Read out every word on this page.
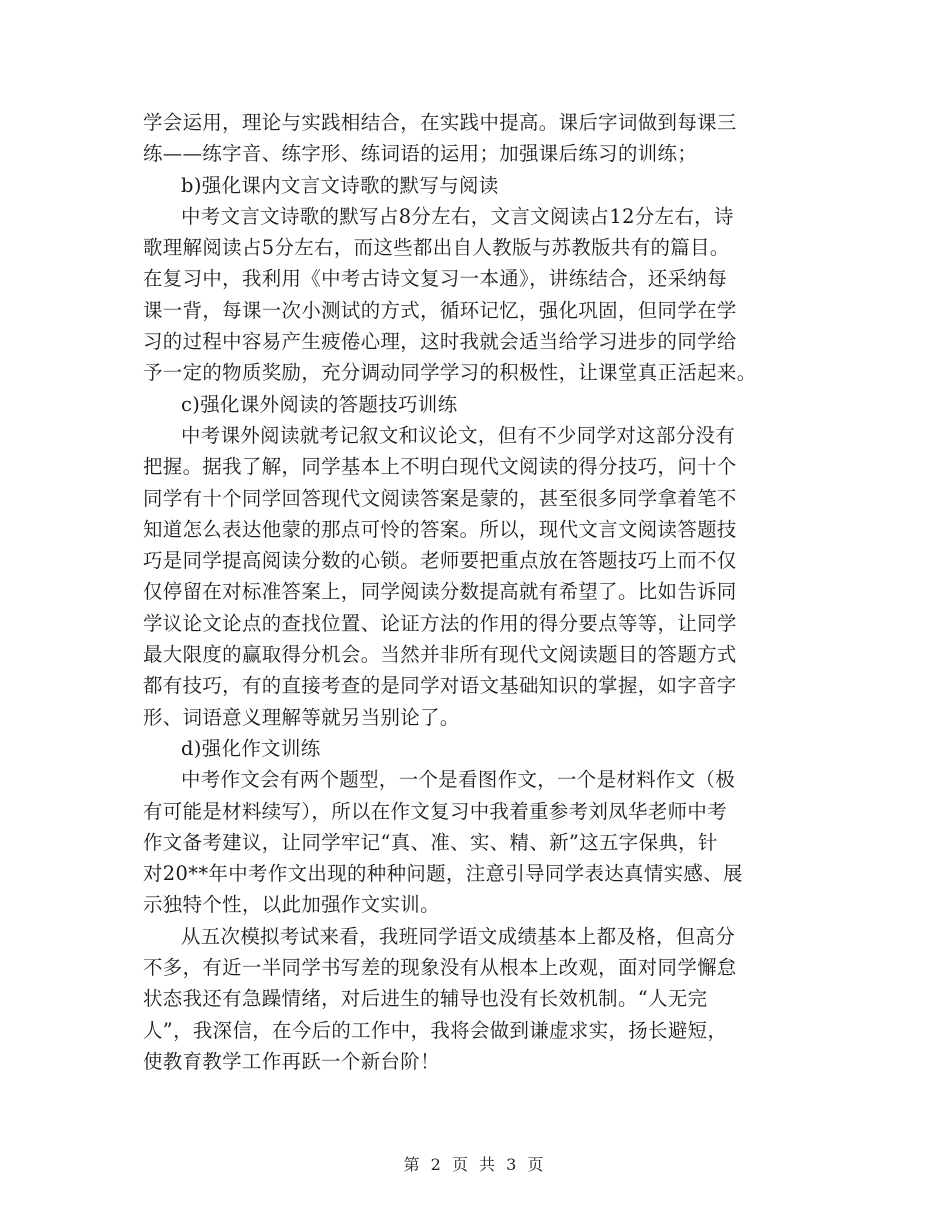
学会运用，理论与实践相结合，在实践中提高。课后字词做到每课三
练——练字音、练字形、练词语的运用；加强课后练习的训练；
b)强化课内文言文诗歌的默写与阅读
中考文言文诗歌的默写占8分左右，文言文阅读占12分左右，诗
歌理解阅读占5分左右，而这些都出自人教版与苏教版共有的篇目。
在复习中，我利用《中考古诗文复习一本通》，讲练结合，还采纳每
课一背，每课一次小测试的方式，循环记忆，强化巩固，但同学在学
习的过程中容易产生疲倦心理，这时我就会适当给学习进步的同学给
予一定的物质奖励，充分调动同学学习的积极性，让课堂真正活起来。
c)强化课外阅读的答题技巧训练
中考课外阅读就考记叙文和议论文，但有不少同学对这部分没有
把握。据我了解，同学基本上不明白现代文阅读的得分技巧，问十个
同学有十个同学回答现代文阅读答案是蒙的，甚至很多同学拿着笔不
知道怎么表达他蒙的那点可怜的答案。所以，现代文言文阅读答题技
巧是同学提高阅读分数的心锁。老师要把重点放在答题技巧上而不仅
仅停留在对标准答案上，同学阅读分数提高就有希望了。比如告诉同
学议论文论点的查找位置、论证方法的作用的得分要点等等，让同学
最大限度的赢取得分机会。当然并非所有现代文阅读题目的答题方式
都有技巧，有的直接考查的是同学对语文基础知识的掌握，如字音字
形、词语意义理解等就另当别论了。
d)强化作文训练
中考作文会有两个题型，一个是看图作文，一个是材料作文（极
有可能是材料续写），所以在作文复习中我着重参考刘凤华老师中考
作文备考建议，让同学牢记“真、准、实、精、新”这五字保典，针
对20**年中考作文出现的种种问题，注意引导同学表达真情实感、展
示独特个性，以此加强作文实训。
从五次模拟考试来看，我班同学语文成绩基本上都及格，但高分
不多，有近一半同学书写差的现象没有从根本上改观，面对同学懈怠
状态我还有急躁情绪，对后进生的辅导也没有长效机制。“人无完
人”，我深信，在今后的工作中，我将会做到谦虚求实，扬长避短，
使教育教学工作再跃一个新台阶！
第 2 页 共 3 页
